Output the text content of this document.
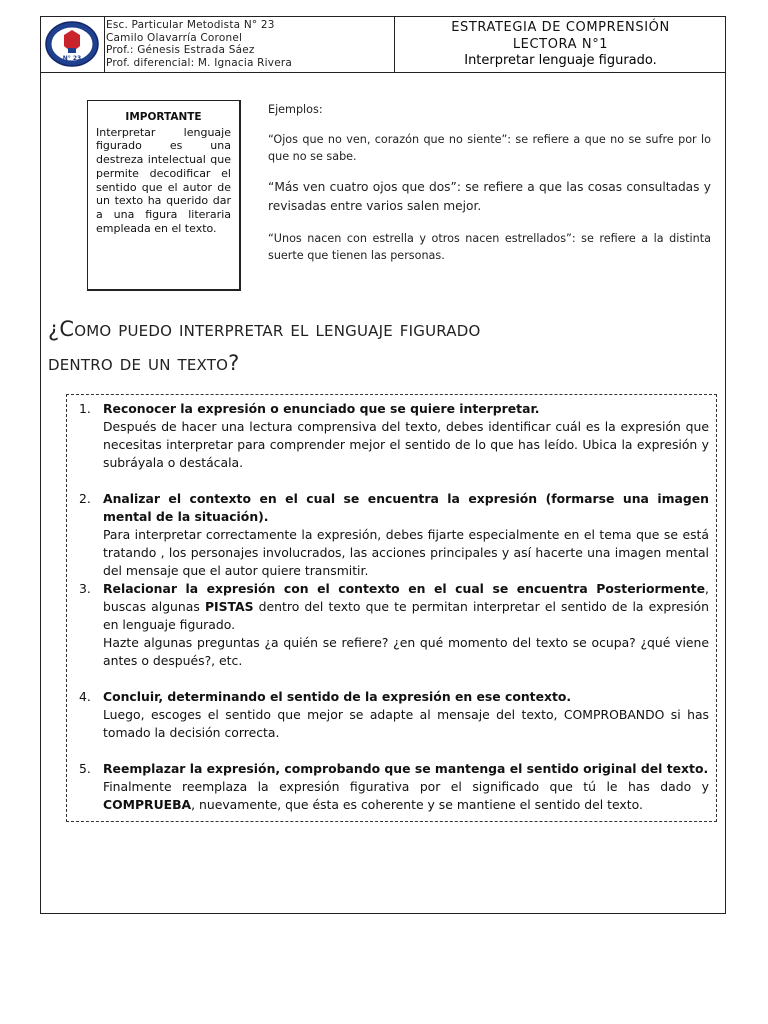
N° 23
Esc. Particular Metodista N° 23
Camilo Olavarría Coronel
Prof.: Génesis Estrada Sáez
Prof. diferencial: M. Ignacia Rivera
ESTRATEGIA DE COMPRENSIÓN
LECTORA N°1
Interpretar lenguaje figurado.
IMPORTANTE
Interpretar lenguaje figurado es una destreza intelectual que permite decodificar el sentido que el autor de un texto ha querido dar a una figura literaria empleada en el texto.
Ejemplos:

“Ojos que no ven, corazón que no siente”: se refiere a que no se sufre por lo que no se sabe.

“Más ven cuatro ojos que dos”: se refiere a que las cosas consultadas y revisadas entre varios salen mejor.

“Unos nacen con estrella y otros nacen estrellados”: se refiere a la distinta suerte que tienen las personas.

¿Como puedo interpretar el lenguaje figurado
dentro de un texto?
1. Reconocer la expresión o enunciado que se quiere interpretar.

Después de hacer una lectura comprensiva del texto, debes identificar cuál es la expresión que necesitas interpretar para comprender mejor el sentido de lo que has leído. Ubica la expresión y subráyala o destácala.

2. Analizar el contexto en el cual se encuentra la expresión (formarse una imagen mental de la situación).

Para interpretar correctamente la expresión, debes fijarte especialmente en el tema que se está tratando , los personajes involucrados, las acciones principales y así hacerte una imagen mental del mensaje que el autor quiere transmitir.

3. Relacionar la expresión con el contexto en el cual se encuentra Posteriormente, buscas algunas PISTAS dentro del texto que te permitan interpretar el sentido de la expresión en lenguaje figurado.

Hazte algunas preguntas ¿a quién se refiere? ¿en qué momento del texto se ocupa? ¿qué viene antes o después?, etc.

4. Concluir, determinando el sentido de la expresión en ese contexto.

Luego, escoges el sentido que mejor se adapte al mensaje del texto, COMPROBANDO si has tomado la decisión correcta.

5. Reemplazar la expresión, comprobando que se mantenga el sentido original del texto.

Finalmente reemplaza la expresión figurativa por el significado que tú le has dado y COMPRUEBA, nuevamente, que ésta es coherente y se mantiene el sentido del texto.
